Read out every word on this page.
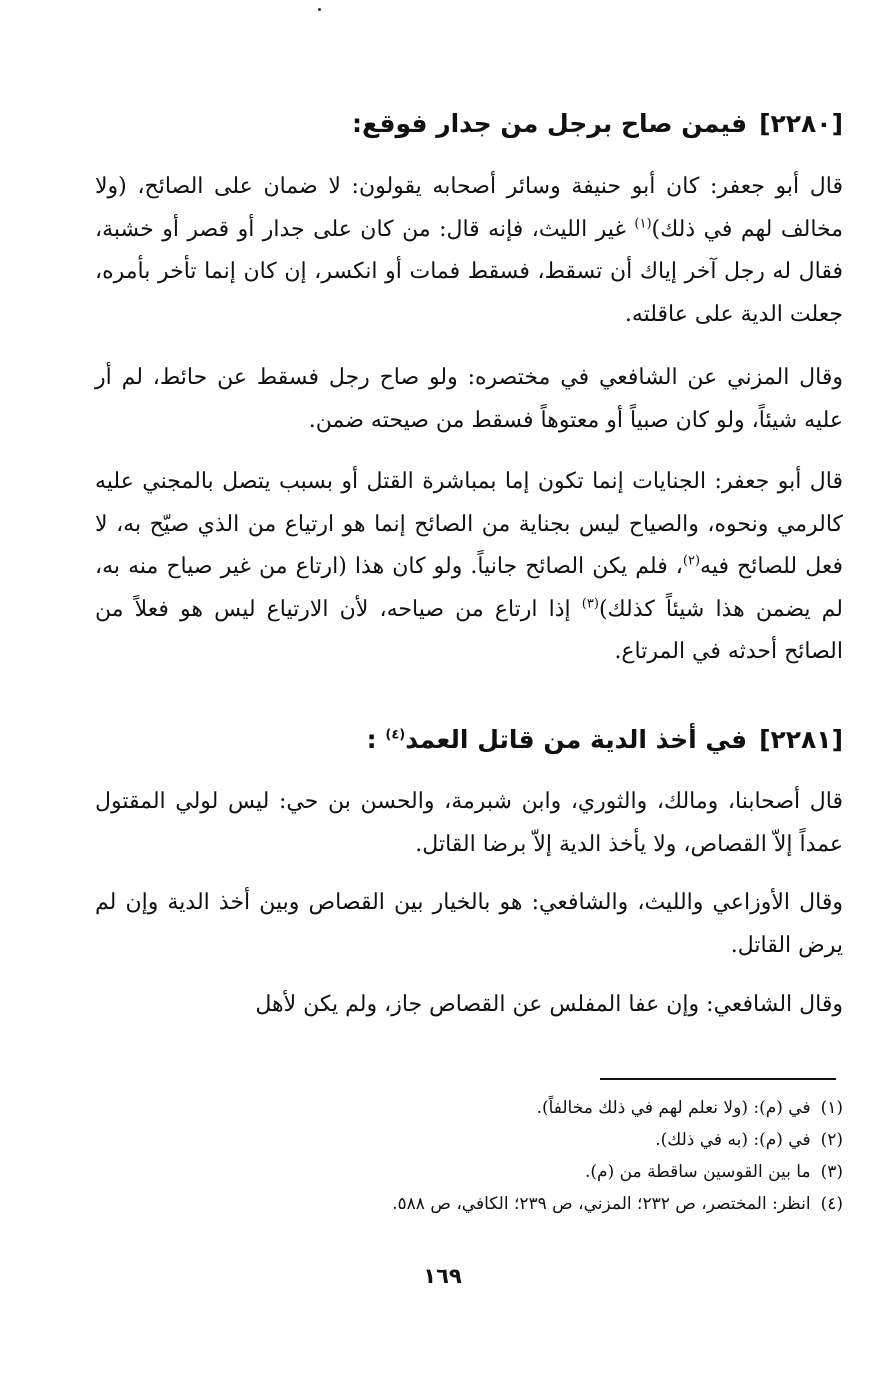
[٢٢٨٠]فيمن صاح برجل من جدار فوقع:

قال أبو جعفر: كان أبو حنيفة وسائر أصحابه يقولون: لا ضمان على الصائح، (ولا مخالف لهم في ذلك)$^{(١)}$ غير الليث، فإنه قال: من كان على جدار أو قصر أو خشبة، فقال له رجل آخر إياك أن تسقط، فسقط فمات أو انكسر، إن كان إنما تأخر بأمره، جعلت الدية على عاقلته.

وقال المزني عن الشافعي في مختصره: ولو صاح رجل فسقط عن حائط، لم أر عليه شيئاً، ولو كان صبياً أو معتوهاً فسقط من صيحته ضمن.

قال أبو جعفر: الجنايات إنما تكون إما بمباشرة القتل أو بسبب يتصل بالمجني عليه كالرمي ونحوه، والصياح ليس بجناية من الصائح إنما هو ارتياع من الذي صيّح به، لا فعل للصائح فيه$^{(٢)}$، فلم يكن الصائح جانياً. ولو كان هذا (ارتاع من غير صياح منه به، لم يضمن هذا شيئاً كذلك)$^{(٣)}$ إذا ارتاع من صياحه، لأن الارتياع ليس هو فعلاً من الصائح أحدثه في المرتاع.

[٢٢٨١]في أخذ الدية من قاتل العمد$^{(٤)}$ :

قال أصحابنا، ومالك، والثوري، وابن شبرمة، والحسن بن حي: ليس لولي المقتول عمداً إلاّ القصاص، ولا يأخذ الدية إلاّ برضا القاتل.

وقال الأوزاعي والليث، والشافعي: هو بالخيار بين القصاص وبين أخذ الدية وإن لم يرض القاتل.

وقال الشافعي: وإن عفا المفلس عن القصاص جاز، ولم يكن لأهل

(١)في (م): (ولا نعلم لهم في ذلك مخالفاً).
(٢)في (م): (به في ذلك).
(٣)ما بين القوسين ساقطة من (م).
(٤)انظر: المختصر، ص ٢٣٢؛ المزني، ص ٢٣٩؛ الكافي، ص ٥٨٨.
١٦٩
